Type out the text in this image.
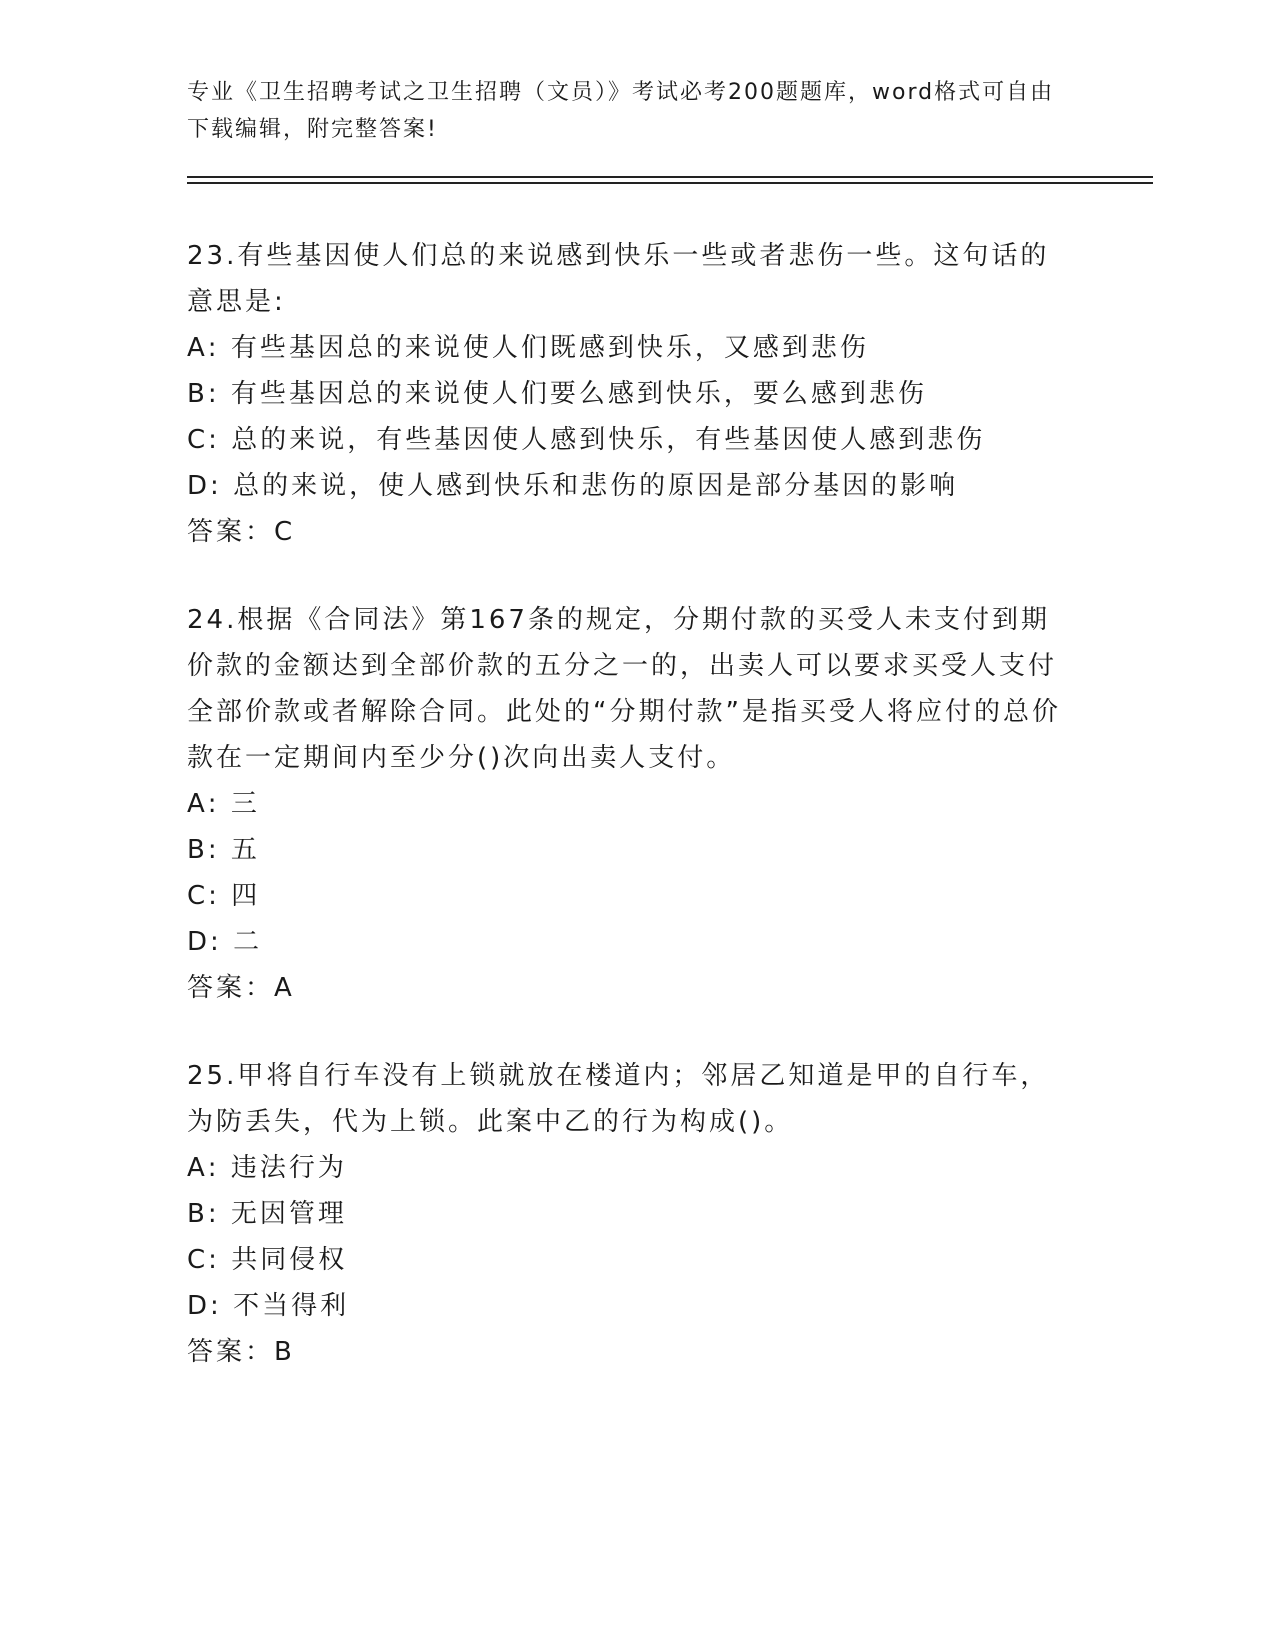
专业《卫生招聘考试之卫生招聘（文员）》考试必考200题题库，word格式可自由下载编辑，附完整答案!

23.有些基因使人们总的来说感到快乐一些或者悲伤一些。这句话的意思是:

A: 有些基因总的来说使人们既感到快乐，又感到悲伤

B: 有些基因总的来说使人们要么感到快乐，要么感到悲伤

C: 总的来说，有些基因使人感到快乐，有些基因使人感到悲伤

D: 总的来说，使人感到快乐和悲伤的原因是部分基因的影响

答案：C

24.根据《合同法》第167条的规定，分期付款的买受人未支付到期价款的金额达到全部价款的五分之一的，出卖人可以要求买受人支付全部价款或者解除合同。此处的“分期付款”是指买受人将应付的总价款在一定期间内至少分()次向出卖人支付。

A: 三

B: 五

C: 四

D: 二

答案：A

25.甲将自行车没有上锁就放在楼道内；邻居乙知道是甲的自行车，为防丢失，代为上锁。此案中乙的行为构成()。

A: 违法行为

B: 无因管理

C: 共同侵权

D: 不当得利

答案：B
